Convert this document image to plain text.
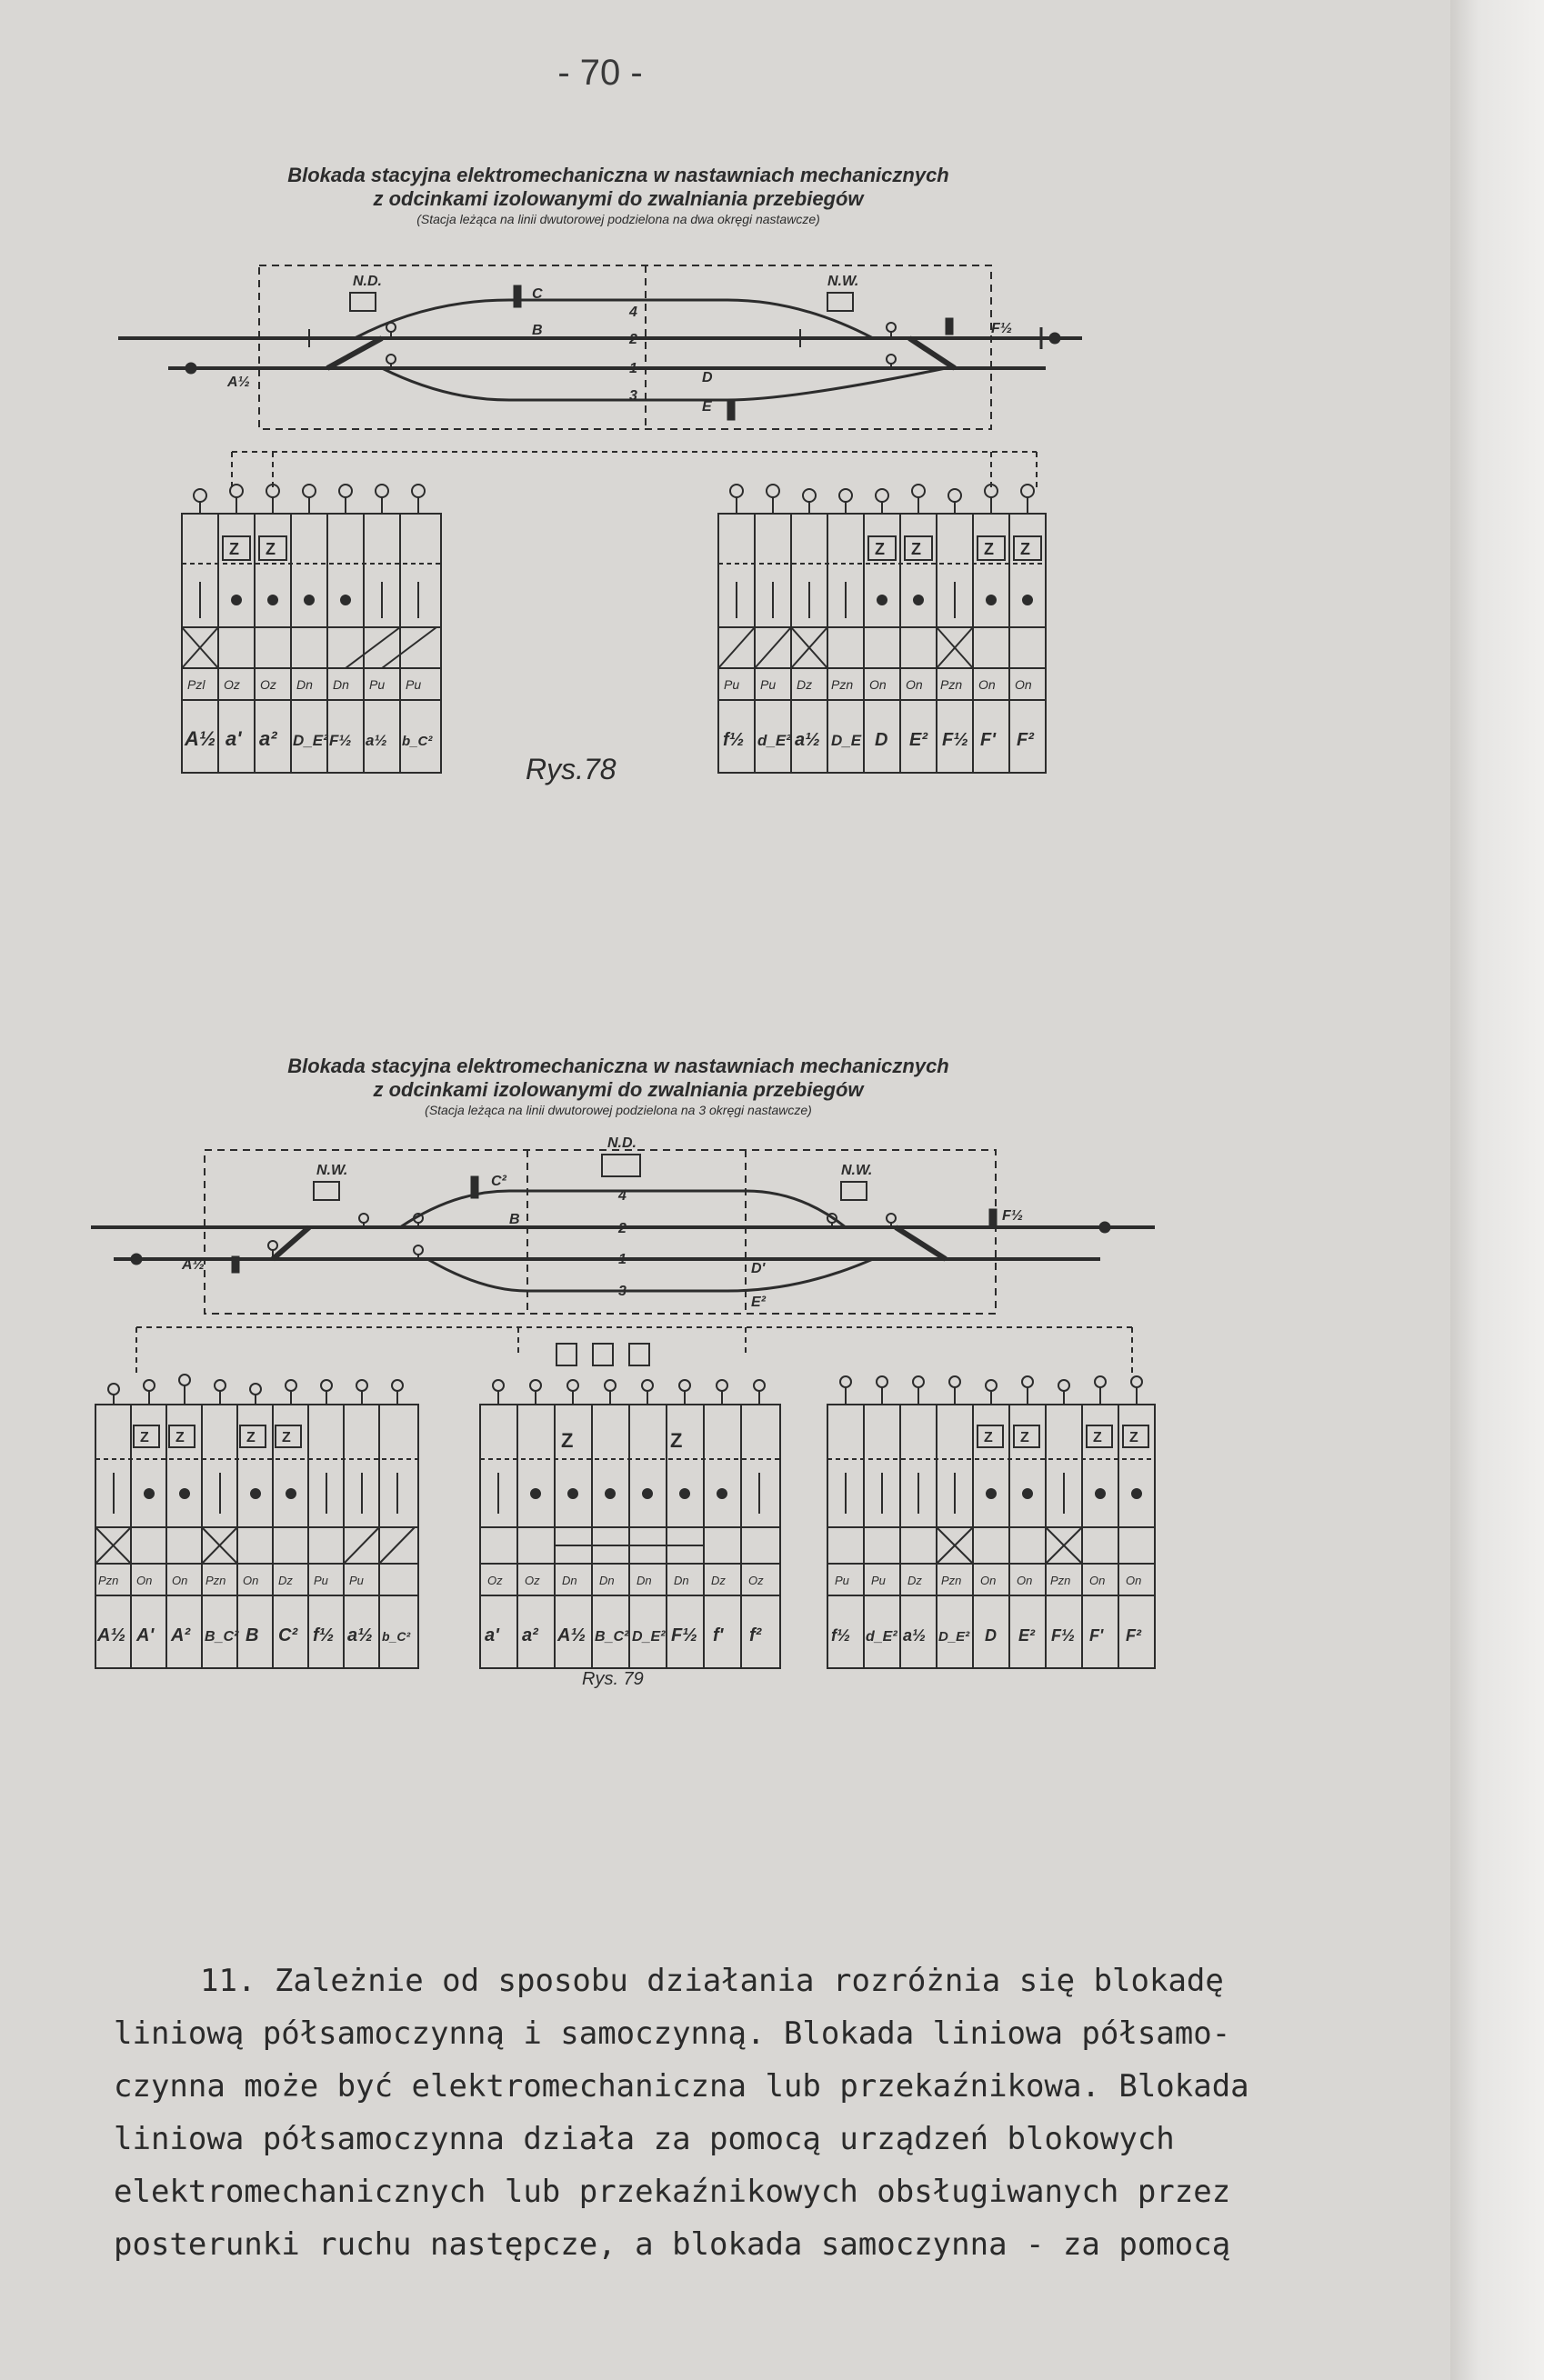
- 70 -
Blokada stacyjna elektromechaniczna w nastawniach mechanicznych
z odcinkami izolowanymi do zwalniania przebiegów
(Stacja leżąca na linii dwutorowej podzielona na dwa okręgi nastawcze)
Blokada stacyjna elektromechaniczna w nastawniach mechanicznych
z odcinkami izolowanymi do zwalniania przebiegów
(Stacja leżąca na linii dwutorowej podzielona na 3 okręgi nastawcze)
N.D.	N.W.
C
B
D
E
A½
F½
4
2
1
3
Z Z
Pzl Oz Oz Dn Dn Pu Pu
A½ a' a² D_E² F½ a½ b_C²
Z Z	Z Z
Pu Pu Dz Pzn On On Pzn On On
f½ d_E² a½ D_E D E² F½ F' F²
N.W.
N.D.
N.W.
C²
B
D'
E²
A½
F½
4
2
1
3
Z Z	Z Z
Pzn On On Pzn On Dz Pu Pu
A½ A' A² B_C² B C² f½ a½ b_C²
Z	Z
Oz Oz Dn Dn Dn Dn Dz Oz
a' a² A½ B_C² D_E² F½ f' f²
Z Z	Z Z
Pu Pu Dz Pzn On On Pzn On On
f½ d_E² a½ D_E² D E² F½ F' F²
Rys.78
Rys. 79
11. Zależnie od sposobu działania rozróżnia się blokadę
liniową półsamoczynną i samoczynną. Blokada liniowa półsamo-
czynna może być elektromechaniczna lub przekaźnikowa. Blokada
liniowa półsamoczynna działa za pomocą urządzeń blokowych
elektromechanicznych lub przekaźnikowych obsługiwanych przez
posterunki ruchu następcze, a blokada samoczynna - za pomocą
